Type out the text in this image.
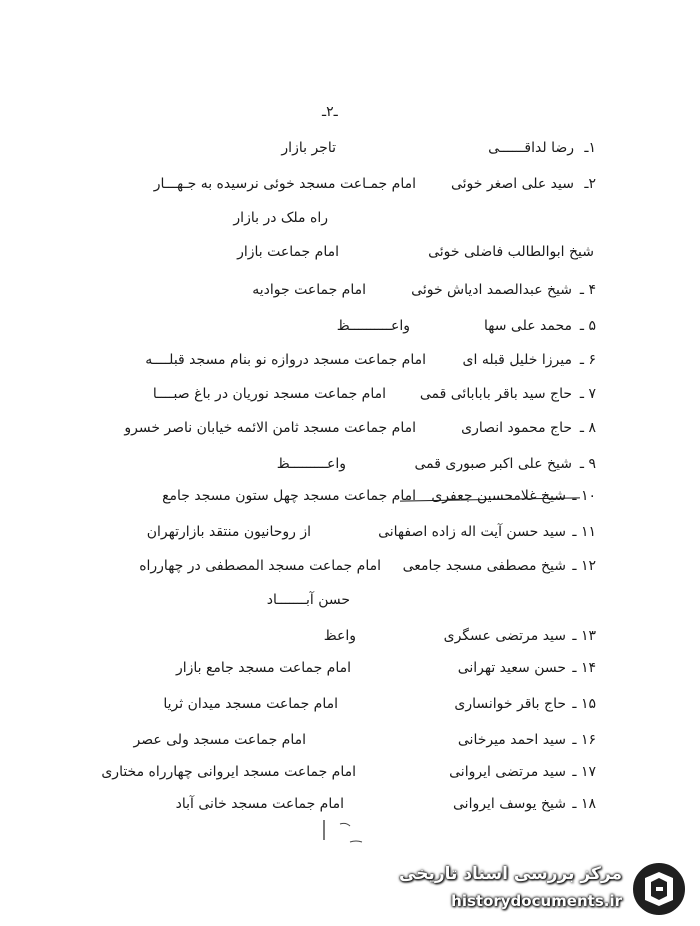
ـ۲ـ
۱ـ
رضا لداقــــــی
تاجر بازار
۲ـ
سید علی اصغر خوئی
امام جمـاعت مسجد خوئی نرسیده به جـهـــار
راه ملک در بازار
شیخ ابوالطالب فاضلی خوئی
امام جماعت بازار
۴ ـ
شیخ عبدالصمد ادیاش خوئی
امام جماعت جوادیه
۵ ـ
محمد علی سها
واعــــــــــظ
۶ ـ
میرزا خلیل قبله ای
امام جماعت مسجد دروازه نو بنام مسجد قبلــــه
۷ ـ
حاج سید باقر بابابائی قمی
امام جماعت مسجد نوریان در باغ صبــــا
۸ ـ
حاج محمود انصاری
امام جماعت مسجد ثامن الائمه خیابان ناصر خسرو
۹ ـ
شیخ علی اکبر صبوری قمی
واعـــــــــظ
۱۰ ـ
شیخ غلامحسین جعفری
امام جماعت مسجد چهل ستون مسجد جامع
۱۱ ـ
سید حسن آیت اله زاده اصفهانی
از روحانیون منتقد بازارتهران
۱۲ ـ
شیخ مصطفی مسجد جامعی
امام جماعت مسجد المصطفی در چهارراه
حسن آبـــــــاد
۱۳ ـ
سید مرتضی عسگری
واعظ
۱۴ ـ
حسن سعید تهرانی
امام جماعت مسجد جامع بازار
۱۵ ـ
حاج باقر خوانساری
امام جماعت مسجد میدان ثریا
۱۶ ـ
سید احمد میرخانی
امام جماعت مسجد ولی عصر
۱۷ ـ
سید مرتضی ایروانی
امام جماعت مسجد ایروانی چهارراه مختاری
۱۸ ـ
شیخ یوسف ایروانی
امام جماعت مسجد خانی آباد
مرکز بررسی اسناد تاریخی
historydocuments.ir
